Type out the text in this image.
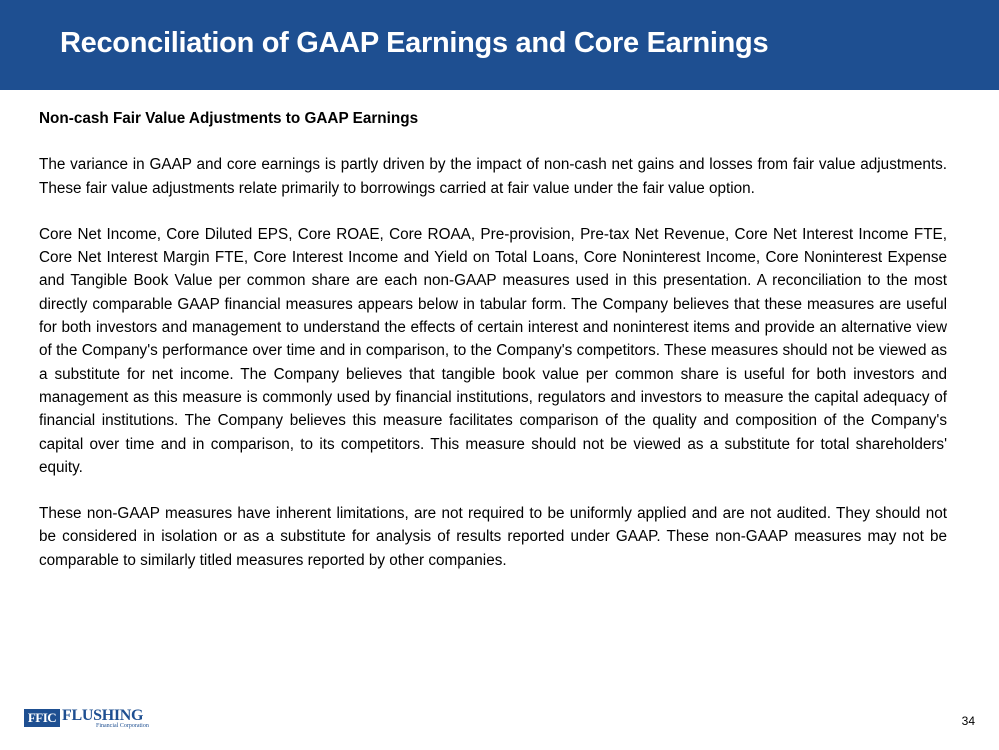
Reconciliation of GAAP Earnings and Core Earnings
Non-cash Fair Value Adjustments to GAAP Earnings

The variance in GAAP and core earnings is partly driven by the impact of non-cash net gains and losses from fair value adjustments. These fair value adjustments relate primarily to borrowings carried at fair value under the fair value option.

Core Net Income, Core Diluted EPS, Core ROAE, Core ROAA, Pre-provision, Pre-tax Net Revenue, Core Net Interest Income FTE, Core Net Interest Margin FTE, Core Interest Income and Yield on Total Loans, Core Noninterest Income, Core Noninterest Expense and Tangible Book Value per common share are each non-GAAP measures used in this presentation. A reconciliation to the most directly comparable GAAP financial measures appears below in tabular form. The Company believes that these measures are useful for both investors and management to understand the effects of certain interest and noninterest items and provide an alternative view of the Company's performance over time and in comparison, to the Company's competitors. These measures should not be viewed as a substitute for net income. The Company believes that tangible book value per common share is useful for both investors and management as this measure is commonly used by financial institutions, regulators and investors to measure the capital adequacy of financial institutions. The Company believes this measure facilitates comparison of the quality and composition of the Company's capital over time and in comparison, to its competitors. This measure should not be viewed as a substitute for total shareholders' equity.

These non-GAAP measures have inherent limitations, are not required to be uniformly applied and are not audited. They should not be considered in isolation or as a substitute for analysis of results reported under GAAP. These non-GAAP measures may not be comparable to similarly titled measures reported by other companies.

FFIC FLUSHING
Financial Corporation	34
